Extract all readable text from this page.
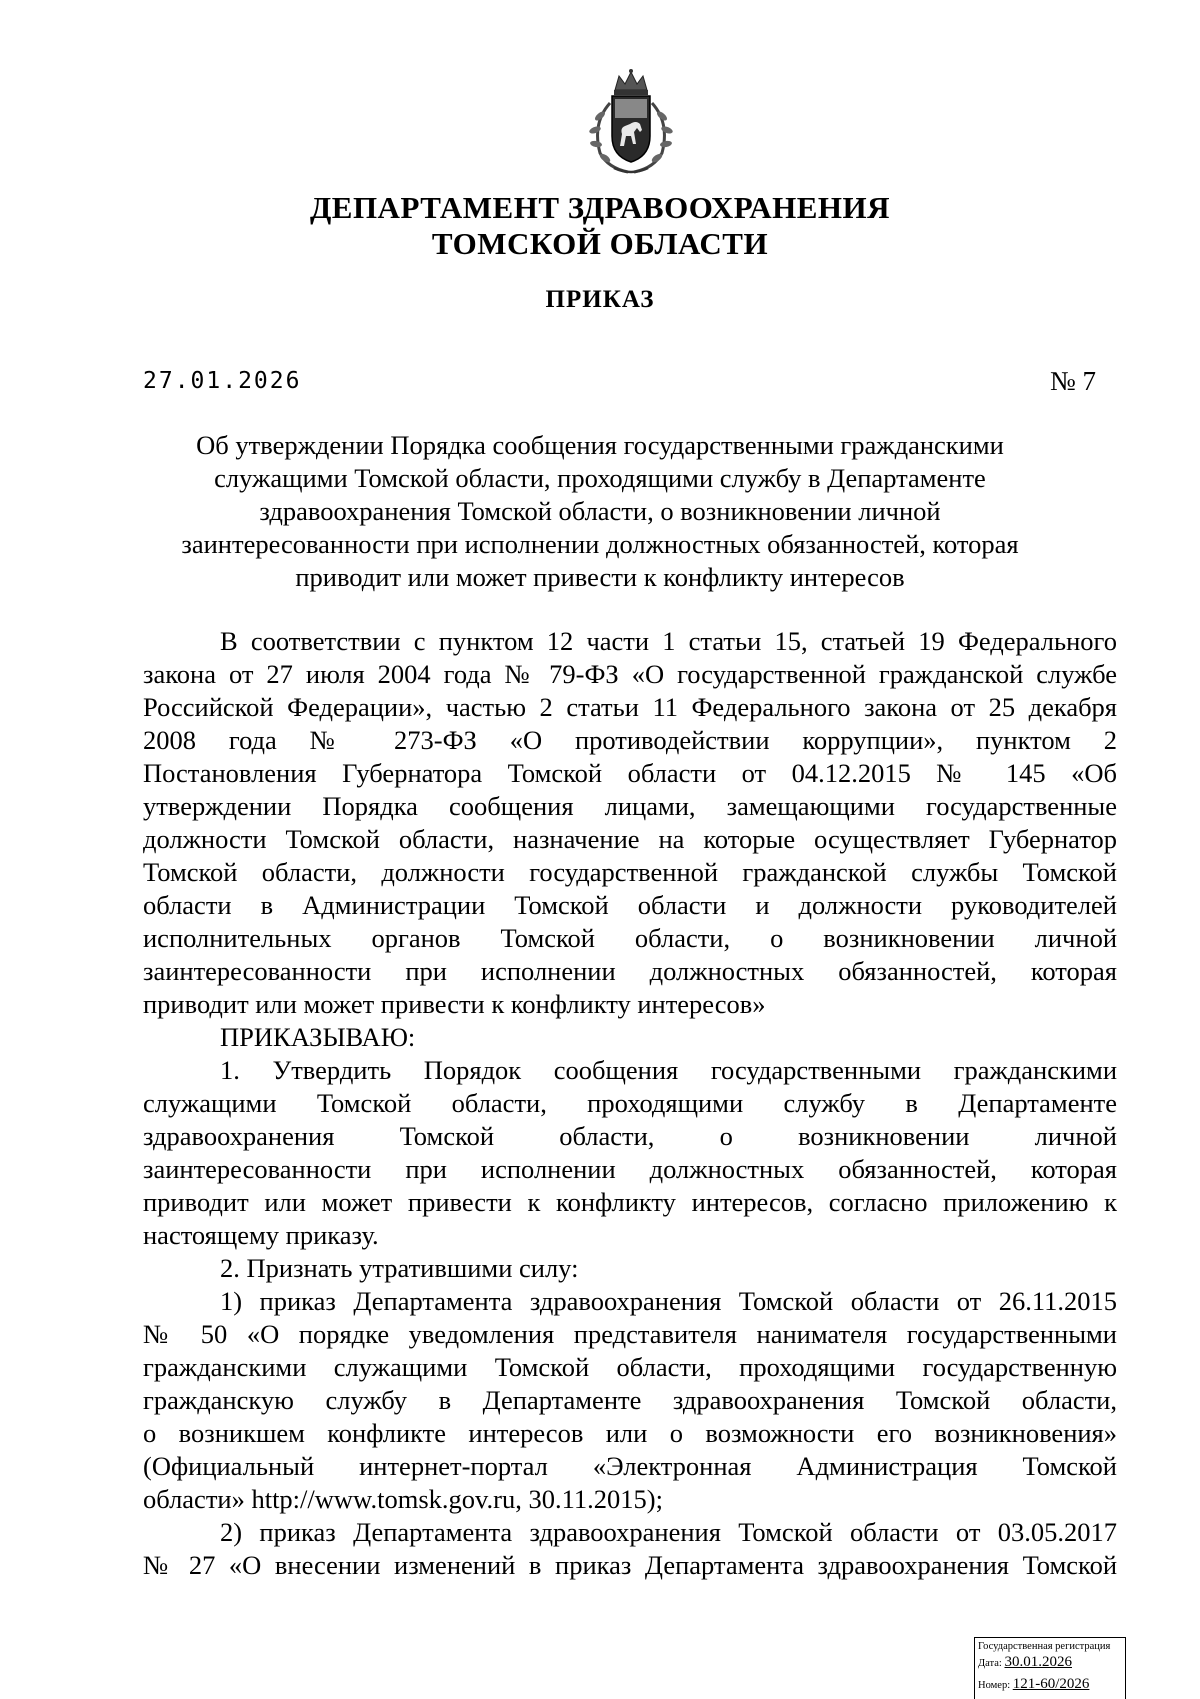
ДЕПАРТАМЕНТ ЗДРАВООХРАНЕНИЯ
ТОМСКОЙ ОБЛАСТИ
ПРИКАЗ
27.01.2026	№ 7
Об утверждении Порядка сообщения государственными гражданскими
служащими Томской области, проходящими службу в Департаменте
здравоохранения Томской области, о возникновении личной
заинтересованности при исполнении должностных обязанностей, которая
приводит или может привести к конфликту интересов
В соответствии с пунктом 12 части 1 статьи 15, статьей 19 Федерального
закона от 27 июля 2004 года № 79-ФЗ «О государственной гражданской службе
Российской Федерации», частью 2 статьи 11 Федерального закона от 25 декабря
2008 года № 273-ФЗ «О противодействии коррупции», пунктом 2
Постановления Губернатора Томской области от 04.12.2015 № 145 «Об
утверждении Порядка сообщения лицами, замещающими государственные
должности Томской области, назначение на которые осуществляет Губернатор
Томской области, должности государственной гражданской службы Томской
области в Администрации Томской области и должности руководителей
исполнительных органов Томской области, о возникновении личной
заинтересованности при исполнении должностных обязанностей, которая
приводит или может привести к конфликту интересов»
ПРИКАЗЫВАЮ:
1. Утвердить Порядок сообщения государственными гражданскими
служащими Томской области, проходящими службу в Департаменте
здравоохранения Томской области, о возникновении личной
заинтересованности при исполнении должностных обязанностей, которая
приводит или может привести к конфликту интересов, согласно приложению к
настоящему приказу.
2. Признать утратившими силу:
1) приказ Департамента здравоохранения Томской области от 26.11.2015
№ 50 «О порядке уведомления представителя нанимателя государственными
гражданскими служащими Томской области, проходящими государственную
гражданскую службу в Департаменте здравоохранения Томской области,
о возникшем конфликте интересов или о возможности его возникновения»
(Официальный интернет-портал «Электронная Администрация Томской
области» http://www.tomsk.gov.ru, 30.11.2015);
2) приказ Департамента здравоохранения Томской области от 03.05.2017
№ 27 «О внесении изменений в приказ Департамента здравоохранения Томской
Государственная регистрация
Дата: 30.01.2026
Номер: 121-60/2026
